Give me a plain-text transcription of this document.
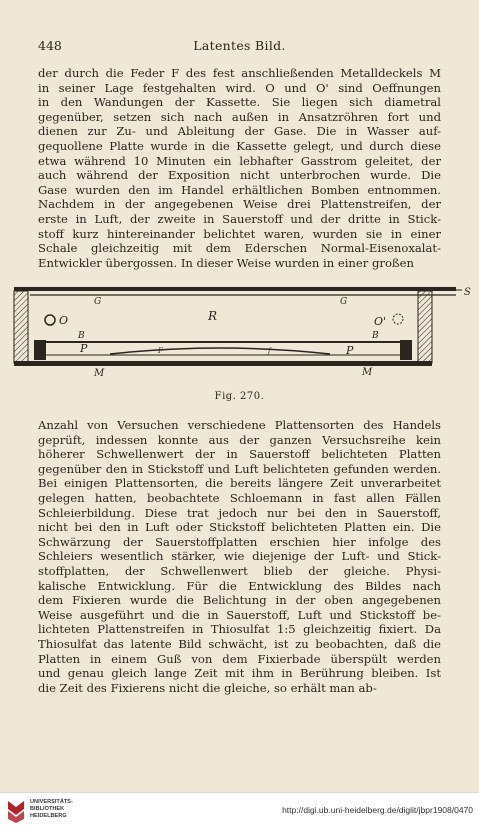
448	Latentes Bild.
der durch die Feder F des fest anschließenden Metalldeckels M
in seiner Lage festgehalten wird. O und O' sind Oeffnungen
in den Wandungen der Kassette. Sie liegen sich diametral
gegenüber, setzen sich nach außen in Ansatzröhren fort und
dienen zur Zu- und Ableitung der Gase. Die in Wasser auf-
gequollene Platte wurde in die Kassette gelegt, und durch diese
etwa während 10 Minuten ein lebhafter Gasstrom geleitet, der
auch während der Exposition nicht unterbrochen wurde. Die
Gase wurden den im Handel erhältlichen Bomben entnommen.
Nachdem in der angegebenen Weise drei Plattenstreifen, der
erste in Luft, der zweite in Sauerstoff und der dritte in Stick-
stoff kurz hintereinander belichtet waren, wurden sie in einer
Schale gleichzeitig mit dem Ederschen Normal-Eisenoxalat-
Entwickler übergossen. In dieser Weise wurden in einer großen
S
G	G
R
O	O'
B	B
P	P
F	f
M	M
Fig. 270.
Anzahl von Versuchen verschiedene Plattensorten des Handels
geprüft, indessen konnte aus der ganzen Versuchsreihe kein
höherer Schwellenwert der in Sauerstoff belichteten Platten
gegenüber den in Stickstoff und Luft belichteten gefunden werden.
Bei einigen Plattensorten, die bereits längere Zeit unverarbeitet
gelegen hatten, beobachtete Schloemann in fast allen Fällen
Schleierbildung. Diese trat jedoch nur bei den in Sauerstoff,
nicht bei den in Luft oder Stickstoff belichteten Platten ein. Die
Schwärzung der Sauerstoffplatten erschien hier infolge des
Schleiers wesentlich stärker, wie diejenige der Luft- und Stick-
stoffplatten, der Schwellenwert blieb der gleiche. Physi-
kalische Entwicklung. Für die Entwicklung des Bildes nach
dem Fixieren wurde die Belichtung in der oben angegebenen
Weise ausgeführt und die in Sauerstoff, Luft und Stickstoff be-
lichteten Plattenstreifen in Thiosulfat 1:5 gleichzeitig fixiert. Da
Thiosulfat das latente Bild schwächt, ist zu beobachten, daß die
Platten in einem Guß von dem Fixierbade überspült werden
und genau gleich lange Zeit mit ihm in Berührung bleiben. Ist
die Zeit des Fixierens nicht die gleiche, so erhält man ab-
UNIVERSITÄTS-
BIBLIOTHEK
HEIDELBERG
http://digi.ub.uni-heidelberg.de/diglit/jbpr1908/0470
